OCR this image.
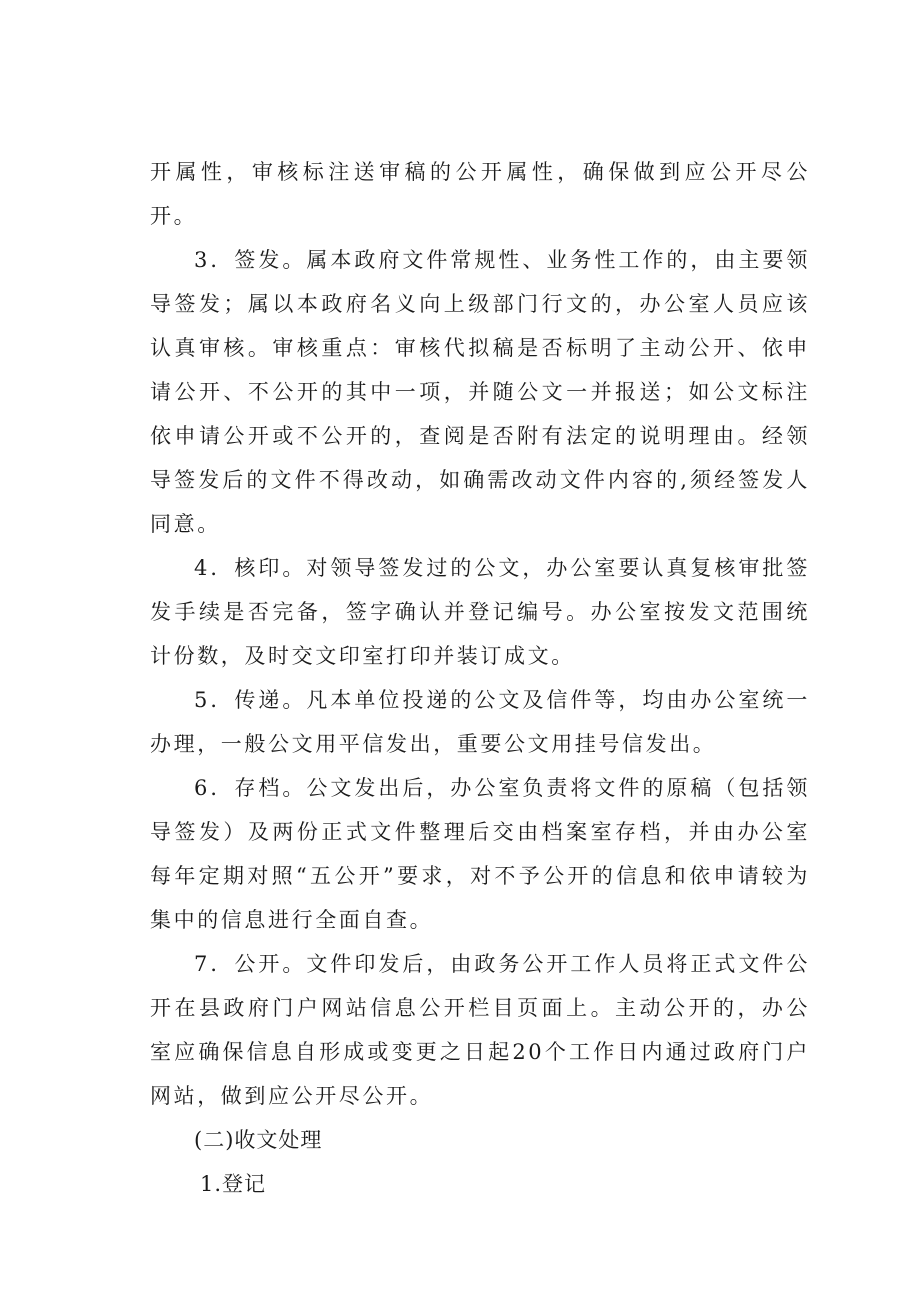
开属性，审核标注送审稿的公开属性，确保做到应公开尽公开。

3．签发。属本政府文件常规性、业务性工作的，由主要领导签发；属以本政府名义向上级部门行文的，办公室人员应该认真审核。审核重点：审核代拟稿是否标明了主动公开、依申请公开、不公开的其中一项，并随公文一并报送；如公文标注依申请公开或不公开的，查阅是否附有法定的说明理由。经领导签发后的文件不得改动，如确需改动文件内容的,须经签发人同意。

4．核印。对领导签发过的公文，办公室要认真复核审批签发手续是否完备，签字确认并登记编号。办公室按发文范围统计份数，及时交文印室打印并装订成文。

5．传递。凡本单位投递的公文及信件等，均由办公室统一办理，一般公文用平信发出，重要公文用挂号信发出。

6．存档。公文发出后，办公室负责将文件的原稿（包括领导签发）及两份正式文件整理后交由档案室存档，并由办公室每年定期对照“五公开”要求，对不予公开的信息和依申请较为集中的信息进行全面自查。

7．公开。文件印发后，由政务公开工作人员将正式文件公开在县政府门户网站信息公开栏目页面上。主动公开的，办公室应确保信息自形成或变更之日起20个工作日内通过政府门户网站，做到应公开尽公开。

(二)收文处理

1.登记
